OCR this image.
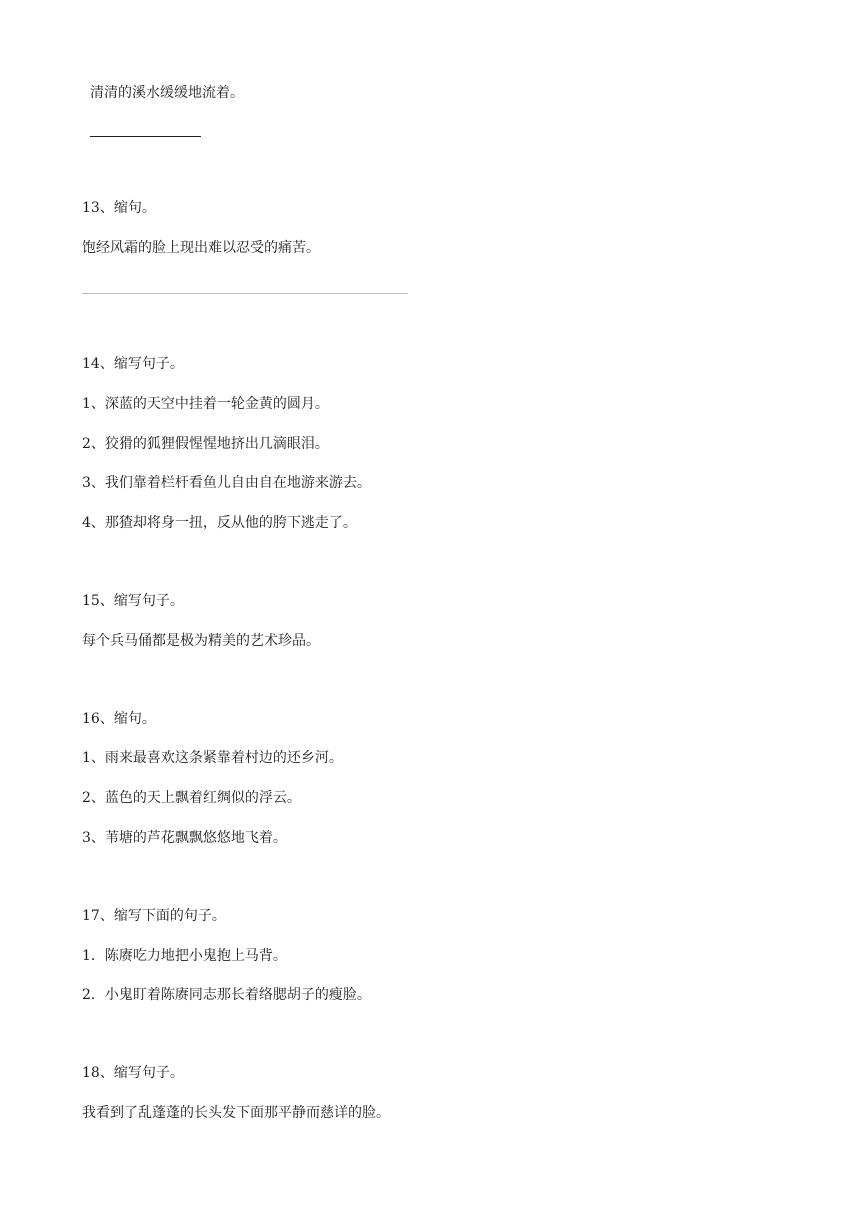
清清的溪水缓缓地流着。
13、缩句。
饱经风霜的脸上现出难以忍受的痛苦。
14、缩写句子。
1、深蓝的天空中挂着一轮金黄的圆月。
2、狡猾的狐狸假惺惺地挤出几滴眼泪。
3、我们靠着栏杆看鱼儿自由自在地游来游去。
4、那猹却将身一扭，反从他的胯下逃走了。
15、缩写句子。
每个兵马俑都是极为精美的艺术珍品。
16、缩句。
1、雨来最喜欢这条紧靠着村边的还乡河。
2、蓝色的天上飘着红绸似的浮云。
3、苇塘的芦花飘飘悠悠地飞着。
17、缩写下面的句子。
1．陈赓吃力地把小鬼抱上马背。
2．小鬼盯着陈赓同志那长着络腮胡子的瘦脸。
18、缩写句子。
我看到了乱蓬蓬的长头发下面那平静而慈详的脸。
